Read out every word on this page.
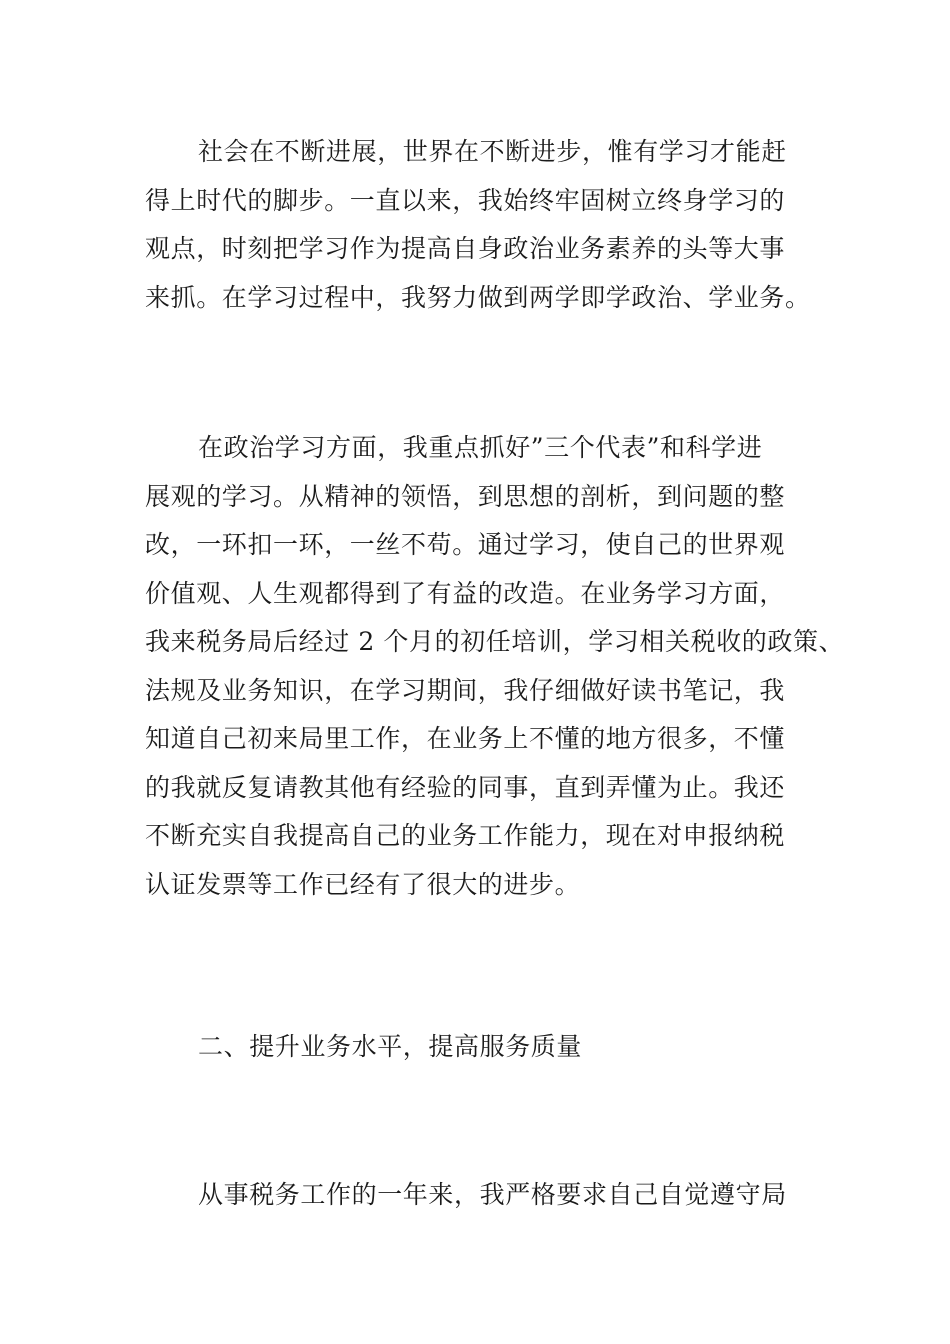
社会在不断进展，世界在不断进步，惟有学习才能赶
得上时代的脚步。一直以来，我始终牢固树立终身学习的
观点，时刻把学习作为提高自身政治业务素养的头等大事
来抓。在学习过程中，我努力做到两学即学政治、学业务。
在政治学习方面，我重点抓好”三个代表”和科学进
展观的学习。从精神的领悟，到思想的剖析，到问题的整
改，一环扣一环，一丝不苟。通过学习，使自己的世界观
价值观、人生观都得到了有益的改造。在业务学习方面，
我来税务局后经过 2 个月的初任培训，学习相关税收的政策、
法规及业务知识，在学习期间，我仔细做好读书笔记，我
知道自己初来局里工作，在业务上不懂的地方很多，不懂
的我就反复请教其他有经验的同事，直到弄懂为止。我还
不断充实自我提高自己的业务工作能力，现在对申报纳税
认证发票等工作已经有了很大的进步。
二、提升业务水平，提高服务质量
从事税务工作的一年来，我严格要求自己自觉遵守局
